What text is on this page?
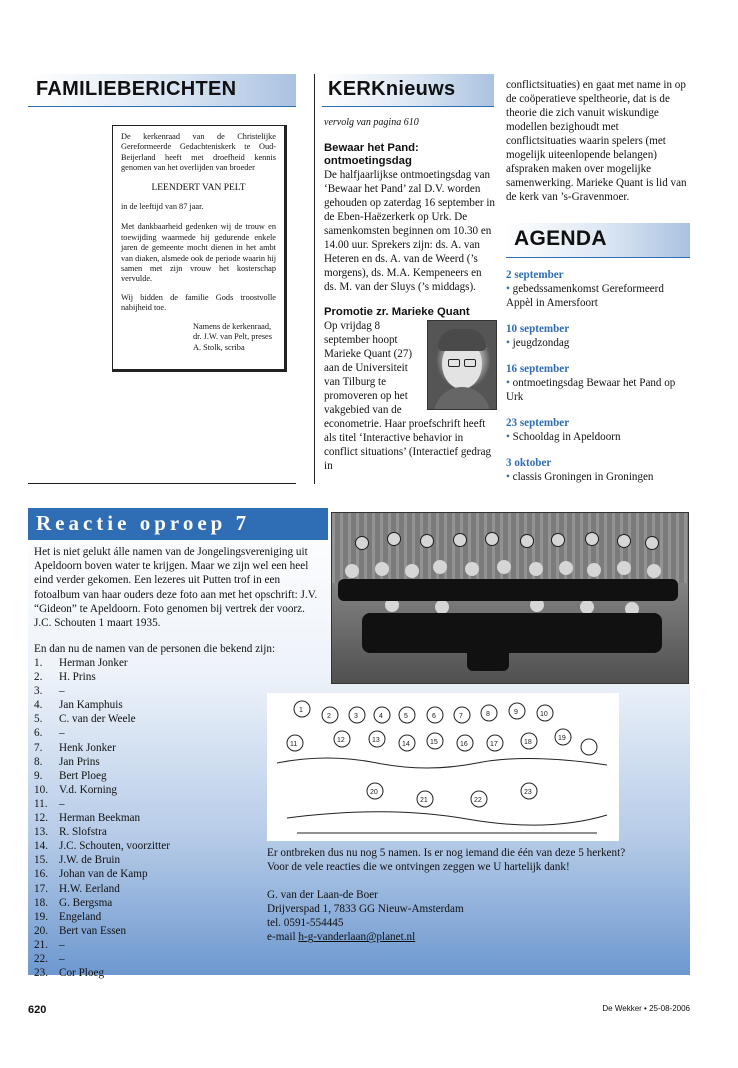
FAMILIEBERICHTEN
De kerkenraad van de Christelijke Gereformeerde Gedachteniskerk te Oud-Beijerland heeft met droefheid kennis genomen van het overlijden van broeder
LEENDERT VAN PELT
in de leeftijd van 87 jaar.
Met dankbaarheid gedenken wij de trouw en toewijding waarmede hij gedurende enkele jaren de gemeente mocht dienen in het ambt van diaken, alsmede ook de periode waarin hij samen met zijn vrouw het kosterschap vervulde.
Wij bidden de familie Gods troostvolle nabijheid toe.
Namens de kerkenraad,
dr. J.W. van Pelt, preses
A. Stolk, scriba
KERKnieuws
vervolg van pagina 610
Bewaar het Pand: ontmoetingsdag
De halfjaarlijkse ontmoetingsdag van ‘Bewaar het Pand’ zal D.V. worden gehouden op zaterdag 16 september in de Eben-Haëzerkerk op Urk. De samenkomsten beginnen om 10.30 en 14.00 uur. Sprekers zijn: ds. A. van Heteren en ds. A. van de Weerd (’s morgens), ds. M.A. Kempeneers en ds. M. van der Sluys (’s middags).
Promotie zr. Marieke Quant
Op vrijdag 8 september hoopt Marieke Quant (27) aan de Universiteit van Tilburg te promoveren op het vakgebied van de econometrie. Haar proefschrift heeft als titel ‘Interactive behavior in conflict situations’ (Interactief gedrag in
conflictsituaties) en gaat met name in op de coöperatieve speltheorie, dat is de theorie die zich vanuit wiskundige modellen bezighoudt met conflictsituaties waarin spelers (met mogelijk uiteenlopende belangen) afspraken maken over mogelijke samenwerking. Marieke Quant is lid van de kerk van ’s-Gravenmoer.
AGENDA
2 september
• gebedssamenkomst Gereformeerd Appèl in Amersfoort
10 september
• jeugdzondag
16 september
• ontmoetingsdag Bewaar het Pand op Urk
23 september
• Schooldag in Apeldoorn
3 oktober
• classis Groningen in Groningen
Reactie oproep 7
1
2	3	4	5	6	7	8	9	10
11
12	13
14	15	16	17	18
19
20
21	22
23
Het is niet gelukt álle namen van de Jongelingsvereniging uit Apeldoorn boven water te krijgen. Maar we zijn wel een heel eind verder gekomen. Een lezeres uit Putten trof in een fotoalbum van haar ouders deze foto aan met het opschrift: J.V. “Gideon” te Apeldoorn. Foto genomen bij vertrek der voorz. J.C. Schouten 1 maart 1935.
En dan nu de namen van de personen die bekend zijn:
1. Herman Jonker
2. H. Prins
3. –
4. Jan Kamphuis
5. C. van der Weele
6. –
7. Henk Jonker
8. Jan Prins
9. Bert Ploeg
10. V.d. Korning
11. –
12. Herman Beekman
13. R. Slofstra
14. J.C. Schouten, voorzitter
15. J.W. de Bruin
16. Johan van de Kamp
17. H.W. Eerland
18. G. Bergsma
19. Engeland
20. Bert van Essen
21. –
22. –
23. Cor Ploeg
Er ontbreken dus nu nog 5 namen. Is er nog iemand die één van deze 5 herkent?
Voor de vele reacties die we ontvingen zeggen we U hartelijk dank!
G. van der Laan-de Boer
Drijverspad 1, 7833 GG Nieuw-Amsterdam
tel. 0591-554445
e-mail h-g-vanderlaan@planet.nl
620	De Wekker • 25-08-2006
